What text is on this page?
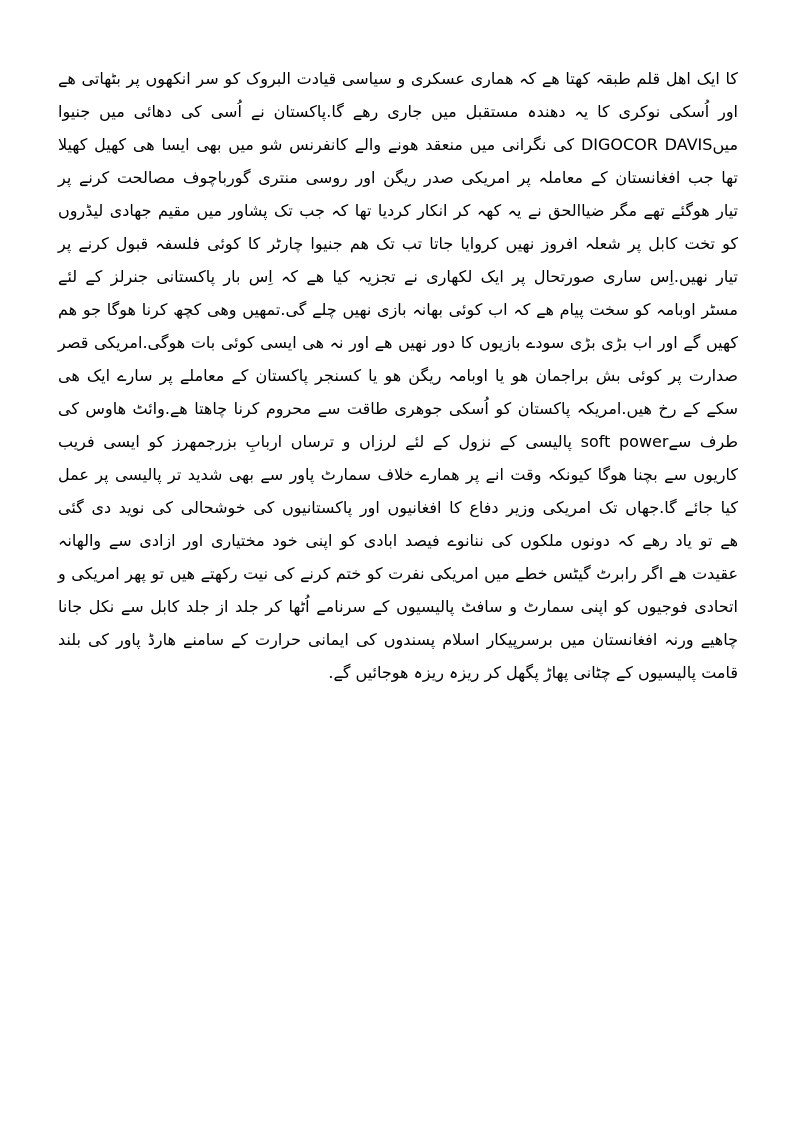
کا ایک اھل قلم طبقہ کھتا ھے کہ ھماری عسکری و سیاسی قیادت البروک کو سر انکھوں پر بٹھاتی ھے
اور اُسکی نوکری کا یہ دھندہ مستقبل میں جاری رھے گا.پاکستان نے اُسی کی دھائی میں جنیوا
میںDIGOCOR DAVIS کی نگرانی میں منعقد ھونے والے کانفرنس شو میں بھی ایسا ھی کھیل کھیلا
تھا جب افغانستان کے معاملہ پر امریکی صدر ریگن اور روسی منتری گورباچوف مصالحت کرنے پر
تیار ھوگئے تھے مگر ضیاالحق نے یہ کھہ کر انکار کردیا تھا کہ جب تک پشاور میں مقیم جھادی لیڈروں
کو تخت کابل پر شعلہ افروز نھیں کروایا جاتا تب تک ھم جنیوا چارٹر کا کوئی فلسفہ قبول کرنے پر
تیار نھیں.اِس ساری صورتحال پر ایک لکھاری نے تجزیہ کیا ھے کہ اِس بار پاکستانی جنرلز کے لئے
مسٹر اوبامہ کو سخت پیام ھے کہ اب کوئی بھانہ بازی نھیں چلے گی.تمھیں وھی کچھ کرنا ھوگا جو ھم
کھیں گے اور اب بڑی بڑی سودے بازیوں کا دور نھیں ھے اور نہ ھی ایسی کوئی بات ھوگی.امریکی قصر
صدارت پر کوئی بش براجمان ھو یا اوبامہ ریگن ھو یا کسنجر پاکستان کے معاملے پر سارے ایک ھی
سکے کے رخ ھیں.امریکہ پاکستان کو اُسکی جوھری طاقت سے محروم کرنا چاھتا ھے.وائٹ ھاوس کی
طرف سےsoft power پالیسی کے نزول کے لئے لرزاں و ترساں اربابِ بزرجمھرز کو ایسی فریب
کاریوں سے بچنا ھوگا کیونکہ وقت انے پر ھمارے خلاف سمارٹ پاور سے بھی شدید تر پالیسی پر عمل
کیا جائے گا.جھاں تک امریکی وزیر دفاع کا افغانیوں اور پاکستانیوں کی خوشحالی کی نوید دی گئی
ھے تو یاد رھے کہ دونوں ملکوں کی ننانوے فیصد ابادی کو اپنی خود مختیاری اور ازادی سے والھانہ
عقیدت ھے اگر رابرٹ گیٹس خطے میں امریکی نفرت کو ختم کرنے کی نیت رکھتے ھیں تو پھر امریکی و
اتحادی فوجیوں کو اپنی سمارٹ و سافٹ پالیسیوں کے سرنامے اُٹھا کر جلد از جلد کابل سے نکل جانا
چاھیے ورنہ افغانستان میں برسرپیکار اسلام پسندوں کی ایمانی حرارت کے سامنے ھارڈ پاور کی بلند
قامت پالیسیوں کے چٹانی پھاڑ پگھل کر ریزہ ریزہ ھوجائیں گے.
